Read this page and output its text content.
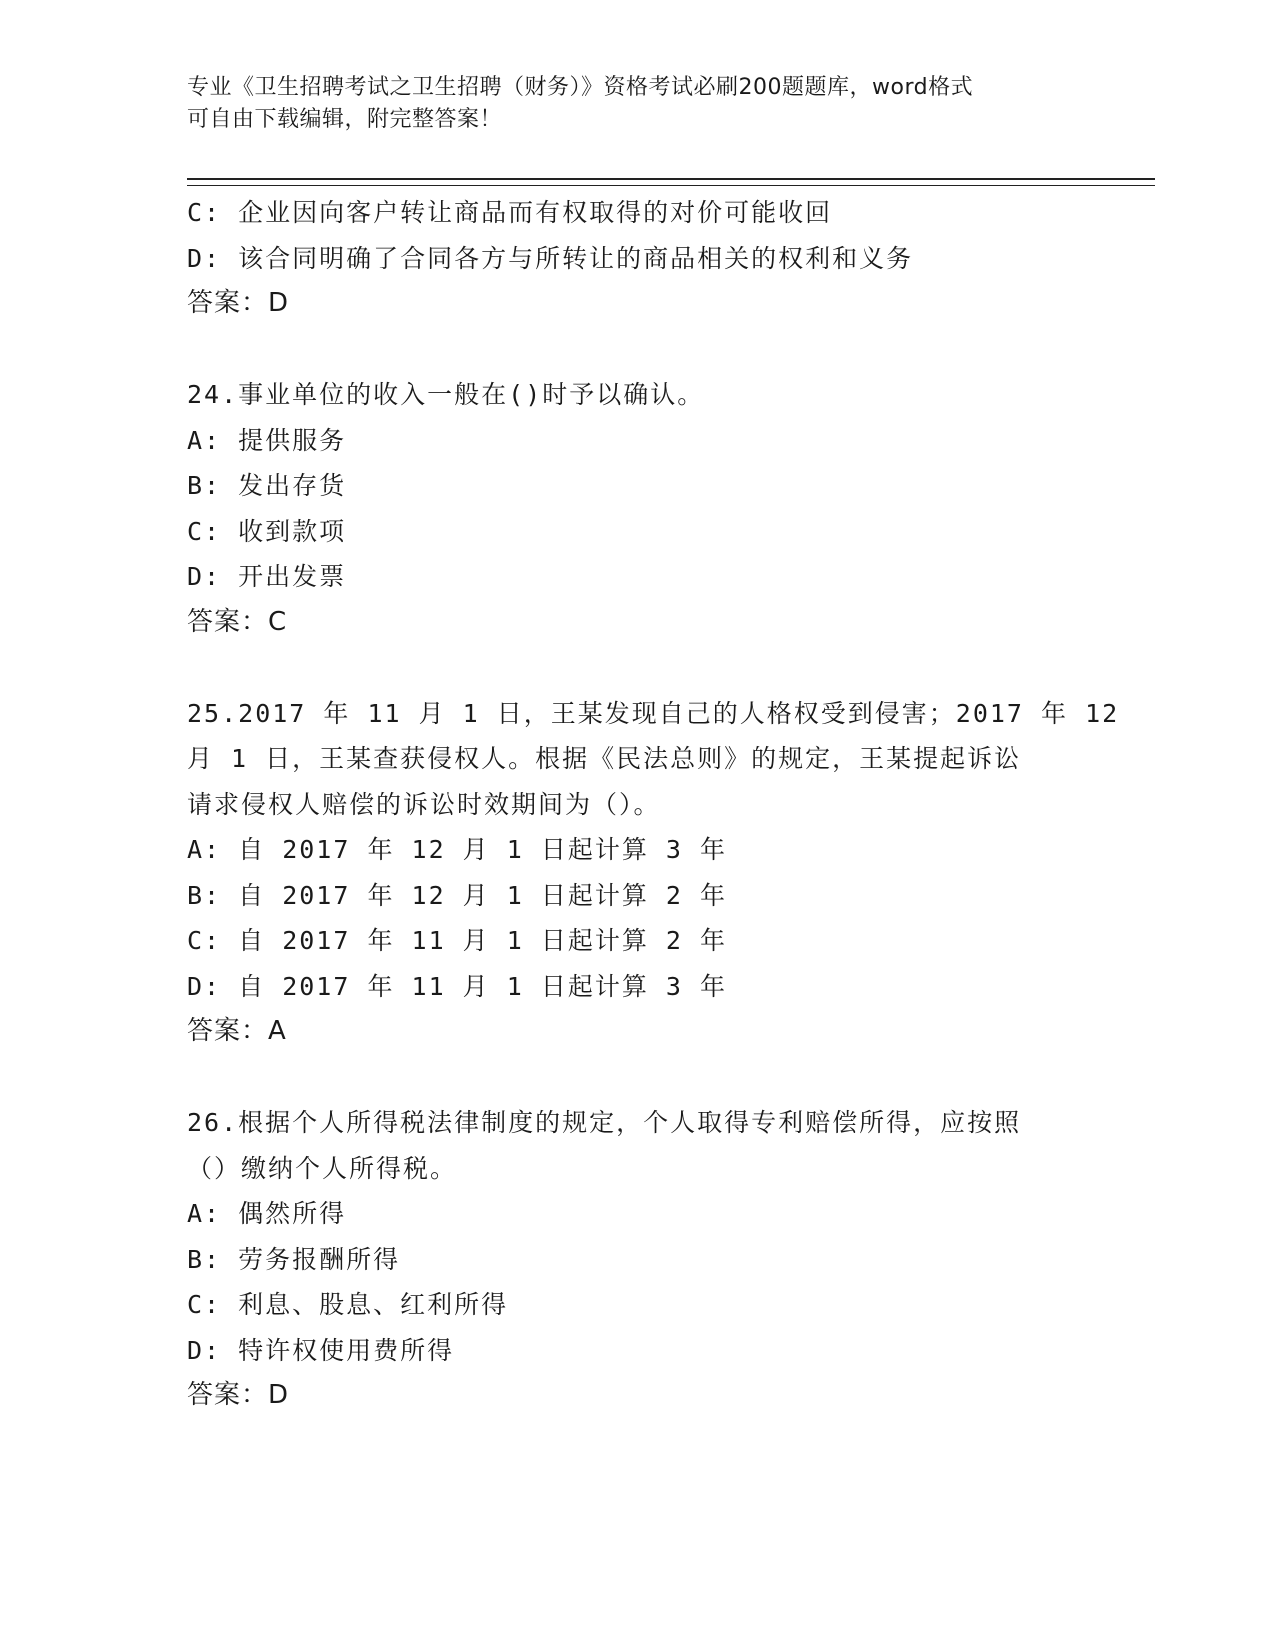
专业《卫生招聘考试之卫生招聘（财务）》资格考试必刷200题题库，word格式
可自由下载编辑，附完整答案！
C: 企业因向客户转让商品而有权取得的对价可能收回
D: 该合同明确了合同各方与所转让的商品相关的权利和义务
答案：D
24.事业单位的收入一般在()时予以确认。
A: 提供服务
B: 发出存货
C: 收到款项
D: 开出发票
答案：C
25.2017 年 11 月 1 日，王某发现自己的人格权受到侵害；2017 年 12
月 1 日，王某查获侵权人。根据《民法总则》的规定，王某提起诉讼
请求侵权人赔偿的诉讼时效期间为（）。
A: 自 2017 年 12 月 1 日起计算 3 年
B: 自 2017 年 12 月 1 日起计算 2 年
C: 自 2017 年 11 月 1 日起计算 2 年
D: 自 2017 年 11 月 1 日起计算 3 年
答案：A
26.根据个人所得税法律制度的规定，个人取得专利赔偿所得，应按照
（）缴纳个人所得税。
A: 偶然所得
B: 劳务报酬所得
C: 利息、股息、红利所得
D: 特许权使用费所得
答案：D
